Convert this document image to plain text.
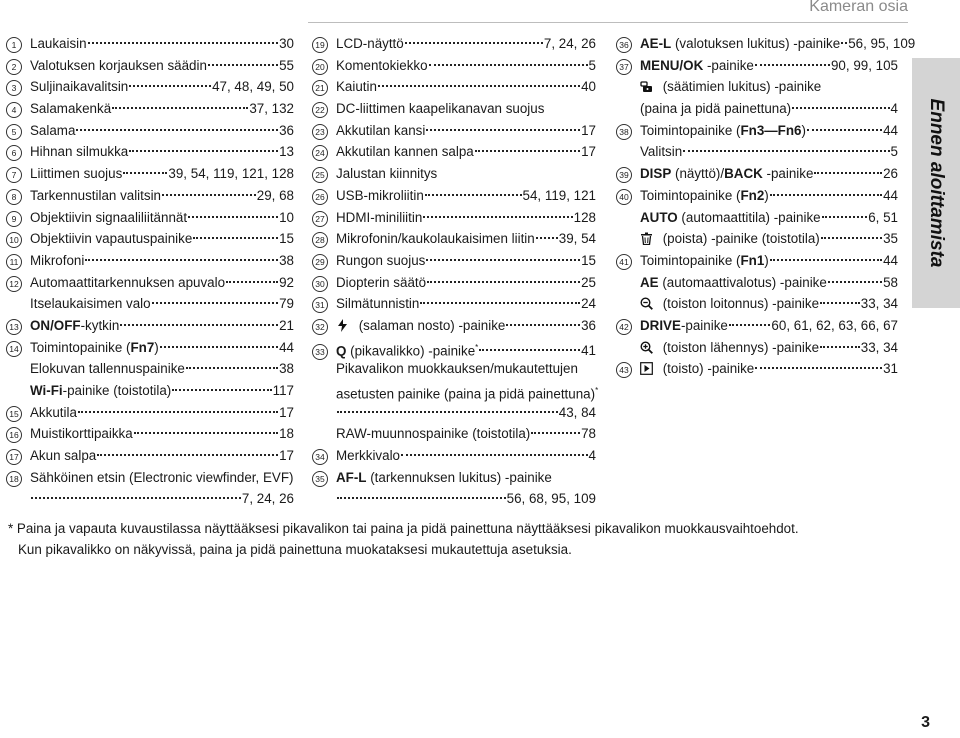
Kameran osia
Ennen aloittamista
1	Laukaisin	30
2	Valotuksen korjauksen säädin	55
3	Suljinaikavalitsin	47, 48, 49, 50
4	Salamakenkä	37, 132
5	Salama	36
6	Hihnan silmukka	13
7	Liittimen suojus	39, 54, 119, 121, 128
8	Tarkennustilan valitsin	29, 68
9	Objektiivin signaaliliitännät	10
10 Objektiivin vapautuspainike	15
11 Mikrofoni	38
12 Automaattitarkennuksen apuvalo	92
Itselaukaisimen valo	79
13 ON/OFF-kytkin	21
14 Toimintopainike (Fn7)	44
Elokuvan tallennuspainike	38
Wi-Fi-painike (toistotila)	117
15 Akkutila	17
16 Muistikorttipaikka	18
17 Akun salpa	17
18 Sähköinen etsin (Electronic viewfinder, EVF)
7, 24, 26
19 LCD-näyttö	7, 24, 26
20 Komentokiekko	5
21 Kaiutin	40
22 DC-liittimen kaapelikanavan suojus
23 Akkutilan kansi	17
24 Akkutilan kannen salpa	17
25 Jalustan kiinnitys
26 USB-mikroliitin	54, 119, 121
27 HDMI-miniliitin	128
28 Mikrofonin/kaukolaukaisimen liitin 39, 54
29 Rungon suojus	15
30 Diopterin säätö	25
31 Silmätunnistin	24
32	(salaman nosto) -painike	36
33 Q (pikavalikko) -painike*	41
Pikavalikon muokkauksen/mukautettujen
asetusten painike (paina ja pidä painettuna)*
43, 84
RAW-muunnospainike (toistotila)	78
34 Merkkivalo	4
35 AF-L (tarkennuksen lukitus) -painike
56, 68, 95, 109
36 AE-L (valotuksen lukitus) -painike 56, 95, 109
37 MENU/OK -painike	90, 99, 105
(säätimien lukitus) -painike
(paina ja pidä painettuna)	4
38 Toimintopainike (Fn3—Fn6)	44
Valitsin	5
39 DISP (näyttö)/BACK -painike	26
40 Toimintopainike (Fn2)	44
AUTO (automaattitila) -painike	6, 51
(poista) -painike (toistotila)	35
41 Toimintopainike (Fn1)	44
AE (automaattivalotus) -painike	58
(toiston loitonnus) -painike	33, 34
42 DRIVE-painike	60, 61, 62, 63, 66, 67
(toiston lähennys) -painike	33, 34
43	(toisto) -painike	31
* Paina ja vapauta kuvaustilassa näyttääksesi pikavalikon tai paina ja pidä painettuna näyttääksesi pikavalikon muokkausvaihtoehdot.
Kun pikavalikko on näkyvissä, paina ja pidä painettuna muokataksesi mukautettuja asetuksia.
3
